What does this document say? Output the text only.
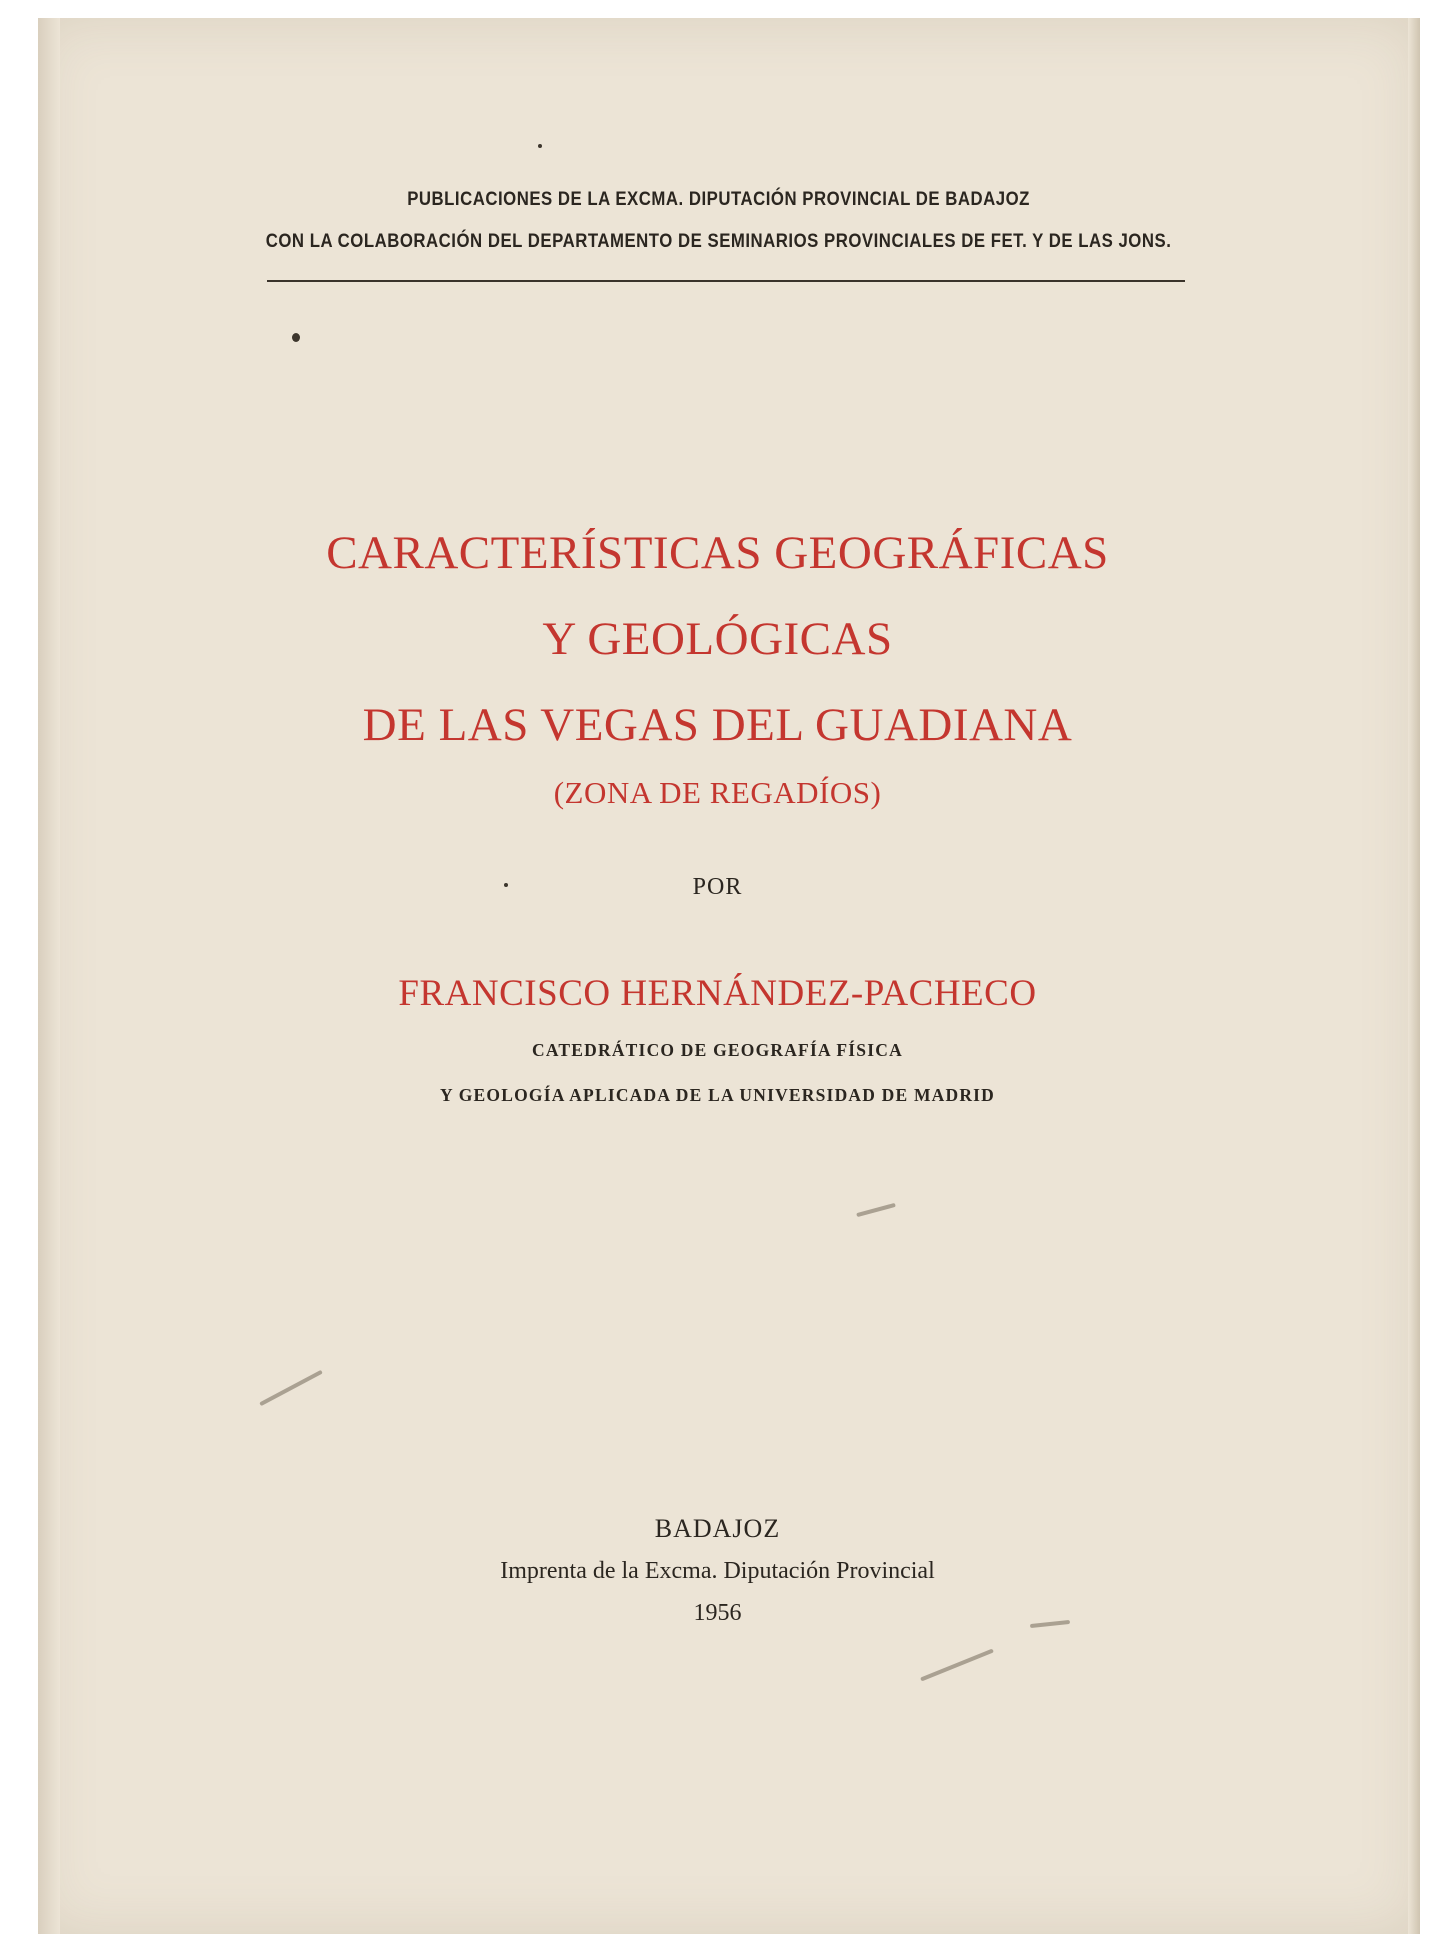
PUBLICACIONES DE LA EXCMA. DIPUTACIÓN PROVINCIAL DE BADAJOZ
CON LA COLABORACIÓN DEL DEPARTAMENTO DE SEMINARIOS PROVINCIALES DE FET. Y DE LAS JONS.
CARACTERÍSTICAS GEOGRÁFICAS
Y GEOLÓGICAS
DE LAS VEGAS DEL GUADIANA
(ZONA DE REGADÍOS)
POR
FRANCISCO HERNÁNDEZ-PACHECO
CATEDRÁTICO DE GEOGRAFÍA FÍSICA
Y GEOLOGÍA APLICADA DE LA UNIVERSIDAD DE MADRID
BADAJOZ
Imprenta de la Excma. Diputación Provincial
1956
